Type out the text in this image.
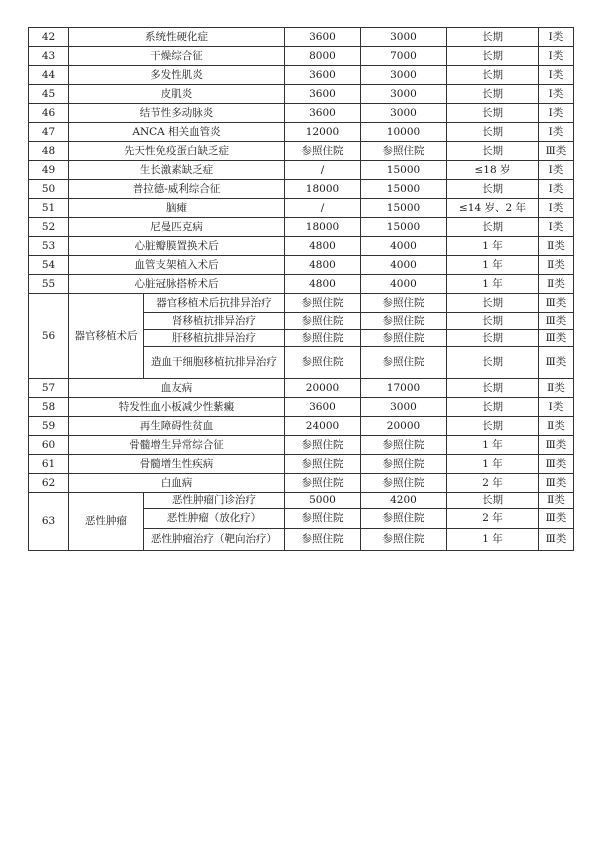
42	系统性硬化症		3600	3000	长期	Ⅰ类
43	干燥综合征		8000	7000	长期	Ⅰ类
44	多发性肌炎		3600	3000	长期	Ⅰ类
45	皮肌炎		3600	3000	长期	Ⅰ类
46	结节性多动脉炎		3600	3000	长期	Ⅰ类
47	ANCA 相关血管炎		12000	10000	长期	Ⅰ类
48	先天性免疫蛋白缺乏症		参照住院	参照住院	长期	Ⅲ类
49	生长激素缺乏症		/	15000	≤18 岁	Ⅰ类
50	普拉德-威利综合征		18000	15000	长期	Ⅰ类
51	脑瘫		/	15000	≤14 岁、2 年	Ⅰ类
52	尼曼匹克病		18000	15000	长期	Ⅰ类
53	心脏瓣膜置换术后		4800	4000	1 年	Ⅱ类
54	血管支架植入术后		4800	4000	1 年	Ⅱ类
55	心脏冠脉搭桥术后		4800	4000	1 年	Ⅱ类
56	器官移植术后	器官移植术后抗排异治疗	参照住院	参照住院	长期	Ⅲ类
		肾移植抗排异治疗	参照住院	参照住院	长期	Ⅲ类
		肝移植抗排异治疗	参照住院	参照住院	长期	Ⅲ类
		造血干细胞移植抗排异治疗	参照住院	参照住院	长期	Ⅲ类
57	血友病		20000	17000	长期	Ⅱ类
58	特发性血小板减少性紫癜		3600	3000	长期	Ⅰ类
59	再生障碍性贫血		24000	20000	长期	Ⅱ类
60	骨髓增生异常综合征		参照住院	参照住院	1 年	Ⅲ类
61	骨髓增生性疾病		参照住院	参照住院	1 年	Ⅲ类
62	白血病		参照住院	参照住院	2 年	Ⅲ类
63	恶性肿瘤	恶性肿瘤门诊治疗	5000	4200	长期	Ⅱ类
		恶性肿瘤（放化疗）	参照住院	参照住院	2 年	Ⅲ类
		恶性肿瘤治疗（靶向治疗）	参照住院	参照住院	1 年	Ⅲ类
